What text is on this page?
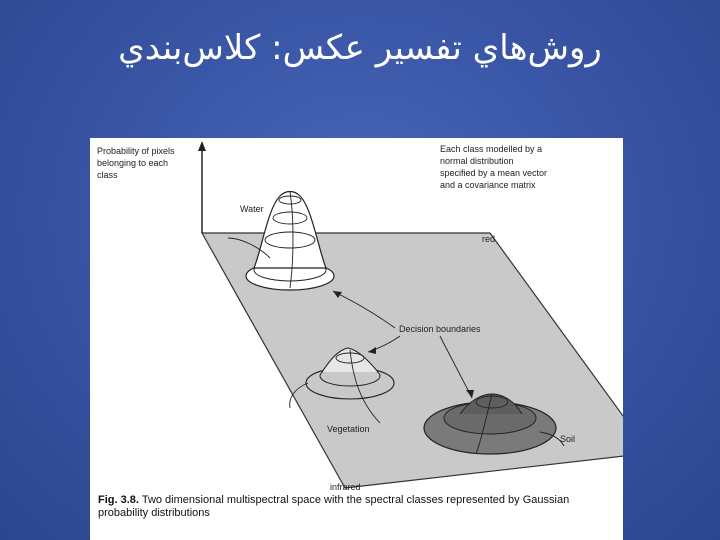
روش‌هاي تفسير عكس: كلاس‌بندي
Probability of pixels
belonging to each
class
Each class modelled by a
normal distribution
specified by a mean vector
and a covariance matrix
Water
red
Decision boundaries
Vegetation
Soil
infrared
Fig. 3.8. Two dimensional multispectral space with the spectral classes represented by Gaussian probability distributions
